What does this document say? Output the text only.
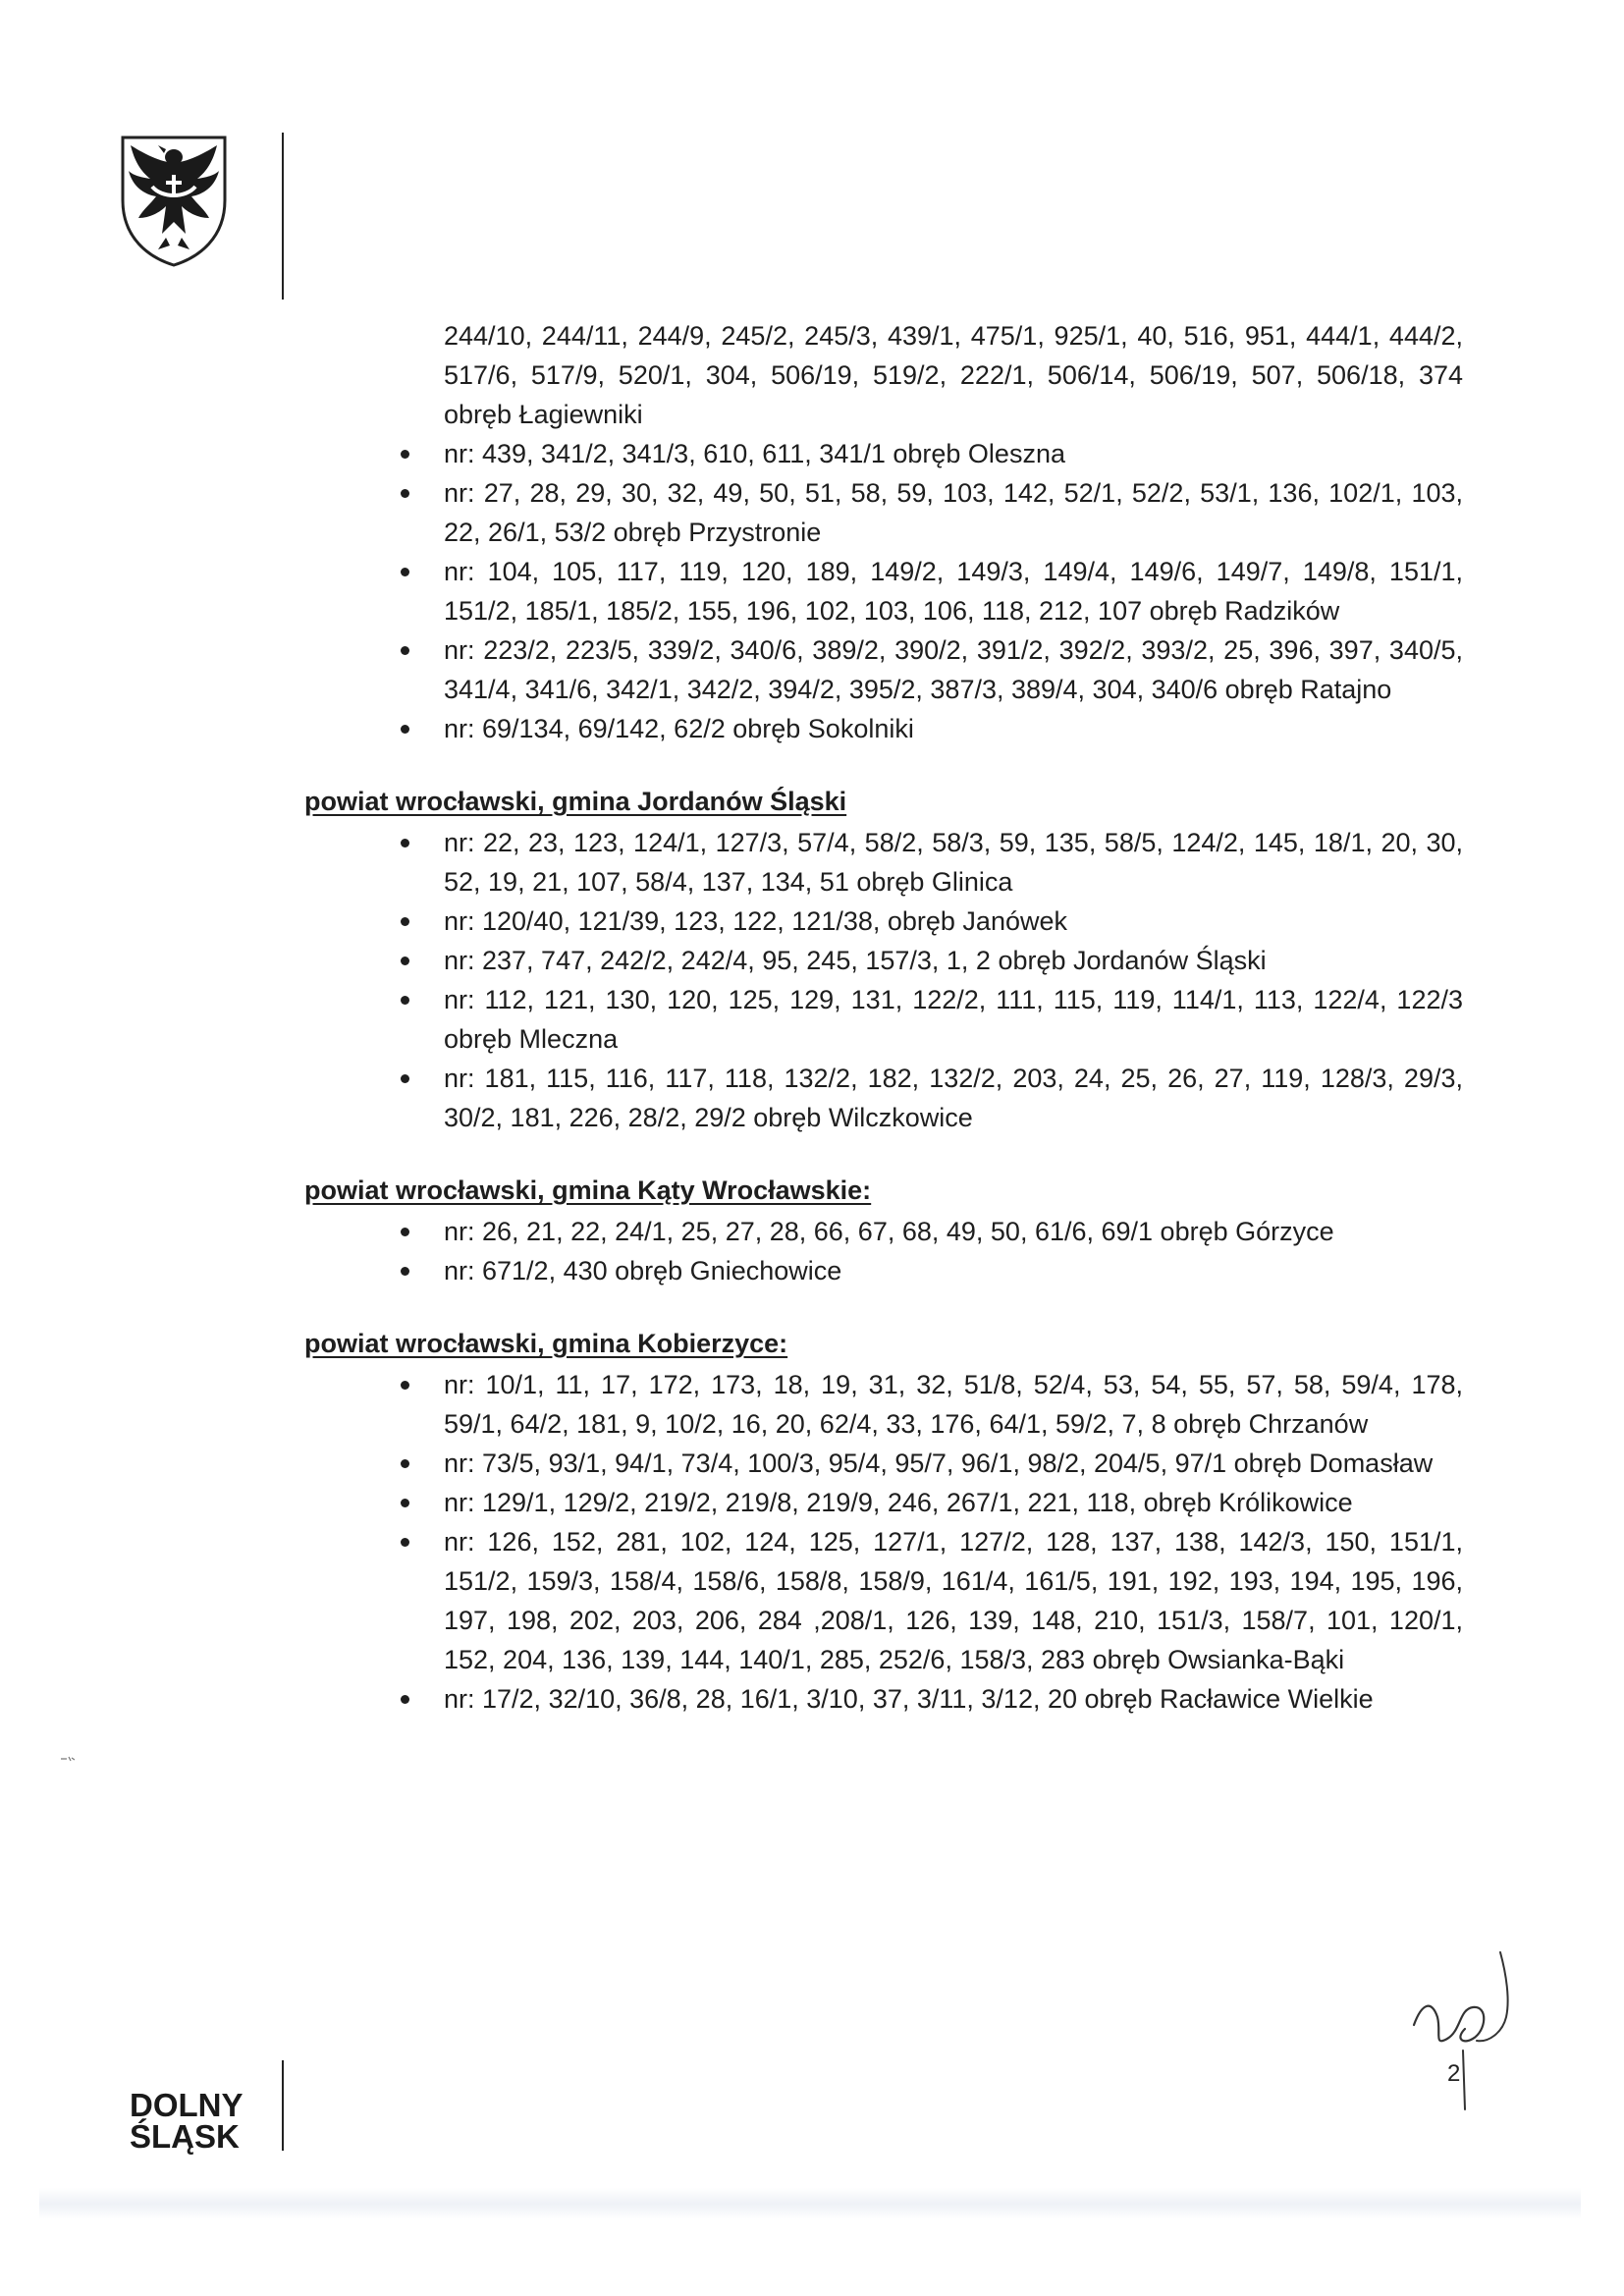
244/10, 244/11, 244/9, 245/2, 245/3, 439/1, 475/1, 925/1, 40, 516, 951, 444/1, 444/2, 517/6, 517/9, 520/1, 304, 506/19, 519/2, 222/1, 506/14, 506/19, 507, 506/18, 374 obręb Łagiewniki
nr: 439, 341/2, 341/3, 610, 611, 341/1 obręb Oleszna
nr: 27, 28, 29, 30, 32, 49, 50, 51, 58, 59, 103, 142, 52/1, 52/2, 53/1, 136, 102/1, 103, 22, 26/1, 53/2 obręb Przystronie
nr: 104, 105, 117, 119, 120, 189, 149/2, 149/3, 149/4, 149/6, 149/7, 149/8, 151/1, 151/2, 185/1, 185/2, 155, 196, 102, 103, 106, 118, 212, 107 obręb Radzików
nr: 223/2, 223/5, 339/2, 340/6, 389/2, 390/2, 391/2, 392/2, 393/2, 25, 396, 397, 340/5, 341/4, 341/6, 342/1, 342/2, 394/2, 395/2, 387/3, 389/4, 304, 340/6 obręb Ratajno
nr: 69/134, 69/142, 62/2 obręb Sokolniki
powiat wrocławski, gmina Jordanów Śląski
nr: 22, 23, 123, 124/1, 127/3, 57/4, 58/2, 58/3, 59, 135, 58/5, 124/2, 145, 18/1, 20, 30, 52, 19, 21, 107, 58/4, 137, 134, 51 obręb Glinica
nr: 120/40, 121/39, 123, 122, 121/38, obręb Janówek
nr: 237, 747, 242/2, 242/4, 95, 245, 157/3, 1, 2 obręb Jordanów Śląski
nr: 112, 121, 130, 120, 125, 129, 131, 122/2, 111, 115, 119, 114/1, 113, 122/4, 122/3 obręb Mleczna
nr: 181, 115, 116, 117, 118, 132/2, 182, 132/2, 203, 24, 25, 26, 27, 119, 128/3, 29/3, 30/2, 181, 226, 28/2, 29/2 obręb Wilczkowice
powiat wrocławski, gmina Kąty Wrocławskie:
nr: 26, 21, 22, 24/1, 25, 27, 28, 66, 67, 68, 49, 50, 61/6, 69/1 obręb Górzyce
nr: 671/2, 430 obręb Gniechowice
powiat wrocławski, gmina Kobierzyce:
nr: 10/1, 11, 17, 172, 173, 18, 19, 31, 32, 51/8, 52/4, 53, 54, 55, 57, 58, 59/4, 178, 59/1, 64/2, 181, 9, 10/2, 16, 20, 62/4, 33, 176, 64/1, 59/2, 7, 8 obręb Chrzanów
nr: 73/5, 93/1, 94/1, 73/4, 100/3, 95/4, 95/7, 96/1, 98/2, 204/5, 97/1 obręb Domasław
nr: 129/1, 129/2, 219/2, 219/8, 219/9, 246, 267/1, 221, 118, obręb Królikowice
nr: 126, 152, 281, 102, 124, 125, 127/1, 127/2, 128, 137, 138, 142/3, 150, 151/1, 151/2, 159/3, 158/4, 158/6, 158/8, 158/9, 161/4, 161/5, 191, 192, 193, 194, 195, 196, 197, 198, 202, 203, 206, 284 ,208/1, 126, 139, 148, 210, 151/3, 158/7, 101, 120/1, 152, 204, 136, 139, 144, 140/1, 285, 252/6, 158/3, 283 obręb Owsianka-Bąki
nr: 17/2, 32/10, 36/8, 28, 16/1, 3/10, 37, 3/11, 3/12, 20 obręb Racławice Wielkie
2
DOLNY
ŚLĄSK
